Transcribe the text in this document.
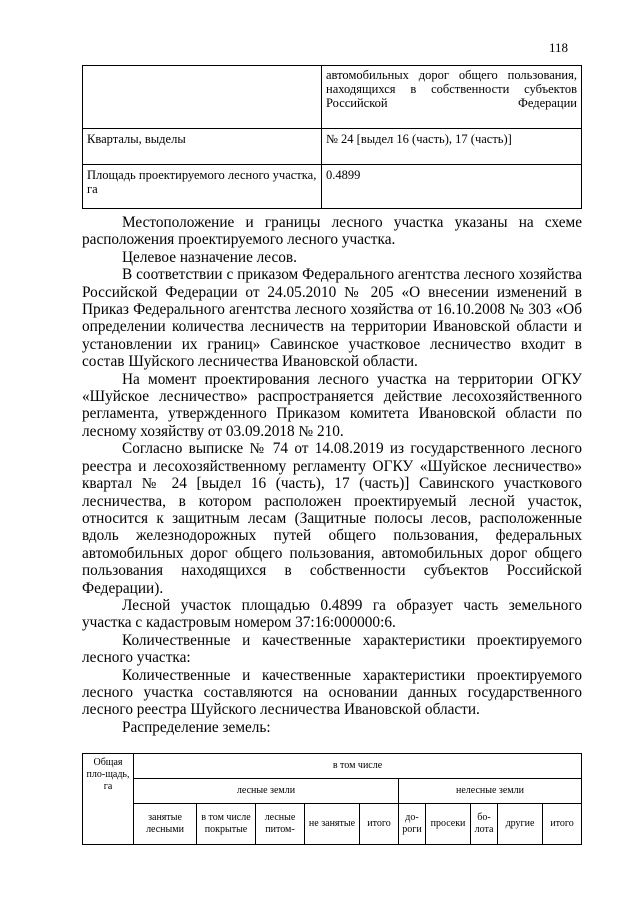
118
	автомобильных дорог общего пользования, находящихся в собственности субъектов Российской Федерации
Кварталы, выделы	№ 24 [выдел 16 (часть), 17 (часть)]
Площадь проектируемого лесного участка, га	0.4899

Местоположение и границы лесного участка указаны на схеме расположения проектируемого лесного участка.

Целевое назначение лесов.

В соответствии с приказом Федерального агентства лесного хозяйства Российской Федерации от 24.05.2010 № 205 «О внесении изменений в Приказ Федерального агентства лесного хозяйства от 16.10.2008 № 303 «Об определении количества лесничеств на территории Ивановской области и установлении их границ» Савинское участковое лесничество входит в состав Шуйского лесничества Ивановской области.

На момент проектирования лесного участка на территории ОГКУ «Шуйское лесничество» распространяется действие лесохозяйственного регламента, утвержденного Приказом комитета Ивановской области по лесному хозяйству от 03.09.2018 № 210.

Согласно выписке № 74 от 14.08.2019 из государственного лесного реестра и лесохозяйственному регламенту ОГКУ «Шуйское лесничество» квартал № 24 [выдел 16 (часть), 17 (часть)] Савинского участкового лесничества, в котором расположен проектируемый лесной участок, относится к защитным лесам (Защитные полосы лесов, расположенные вдоль железнодорожных путей общего пользования, федеральных автомобильных дорог общего пользования, автомобильных дорог общего пользования находящихся в собственности субъектов Российской Федерации).

Лесной участок площадью 0.4899 га образует часть земельного участка с кадастровым номером 37:16:000000:6.

Количественные и качественные характеристики проектируемого лесного участка:

Количественные и качественные характеристики проектируемого лесного участка составляются на основании данных государственного лесного реестра Шуйского лесничества Ивановской области.

Распределение земель:

Общая пло-щадь, га	в том числе									
	лесные земли					нелесные земли				
	занятые лесными	в том числе покрытые	лесные питом-	не занятые	итого	до-роги	просеки	бо-лота	другие	итого
